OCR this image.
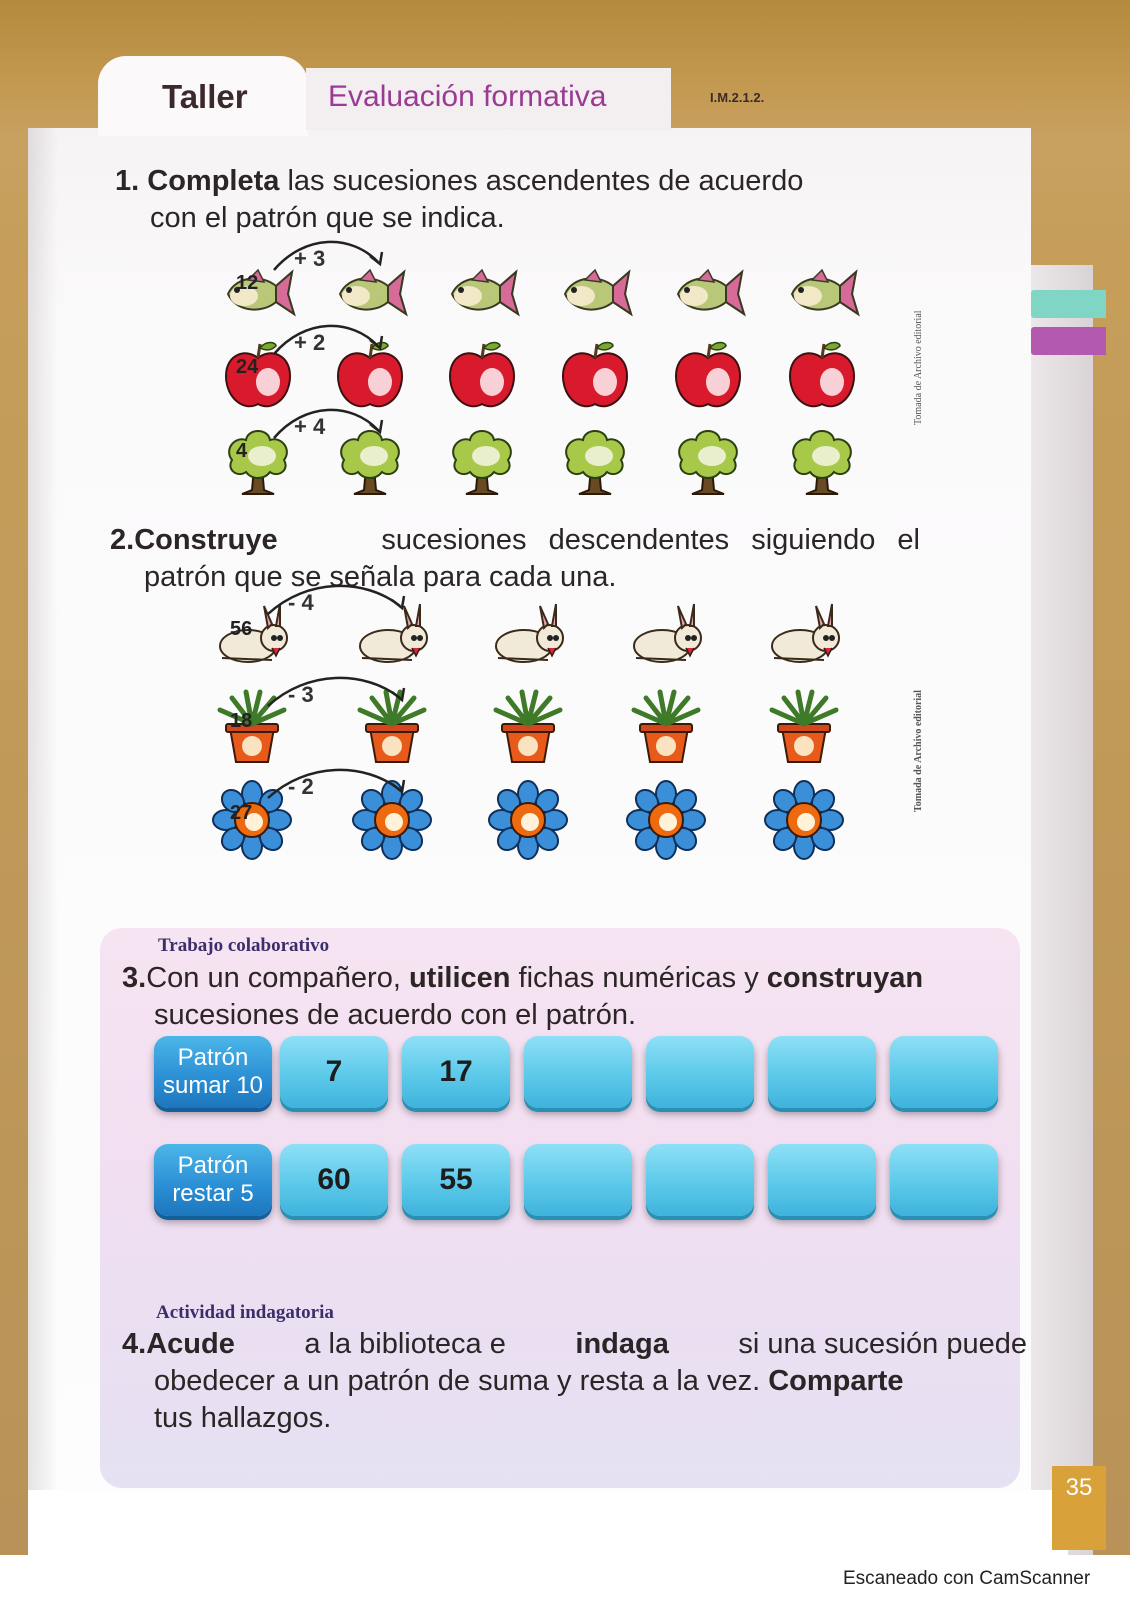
35
Taller	Evaluación formativa	I.M.2.1.2.
1. Completa las sucesiones ascendentes de acuerdo
con el patrón que se indica.
Tomada de Archivo editorial
12
+ 3
24
+ 2
4
+ 4
2.Construye	sucesiones descendentes siguiendo el
patrón que se señala para cada una.
Tomada de Archivo editorial
56
- 4
18
- 3
27
- 2
Trabajo colaborativo
3.Con un compañero, utilicen fichas numéricas y construyan
sucesiones de acuerdo con el patrón.
Patrón
sumar 10	7	17
Patrón
restar 5	60	55
Actividad indagatoria
4.Acude a la biblioteca e indaga si una sucesión puede
obedecer a un patrón de suma y resta a la vez. Comparte
tus hallazgos.
Escaneado con CamScanner
